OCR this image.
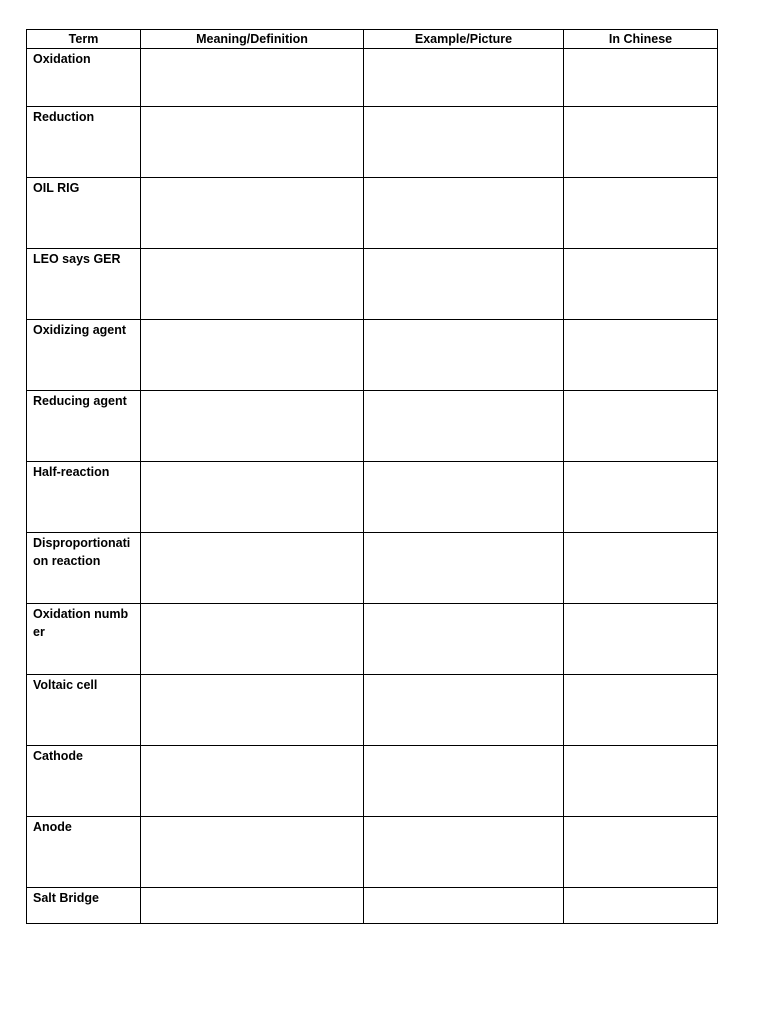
Term	Meaning/Definition	Example/Picture	In Chinese
Oxidation			
Reduction			
OIL RIG			
LEO says GER			
Oxidizing agent			
Reducing agent			
Half-reaction			
Disproportionation reaction			
Oxidation number			
Voltaic cell			
Cathode			
Anode			
Salt Bridge			
